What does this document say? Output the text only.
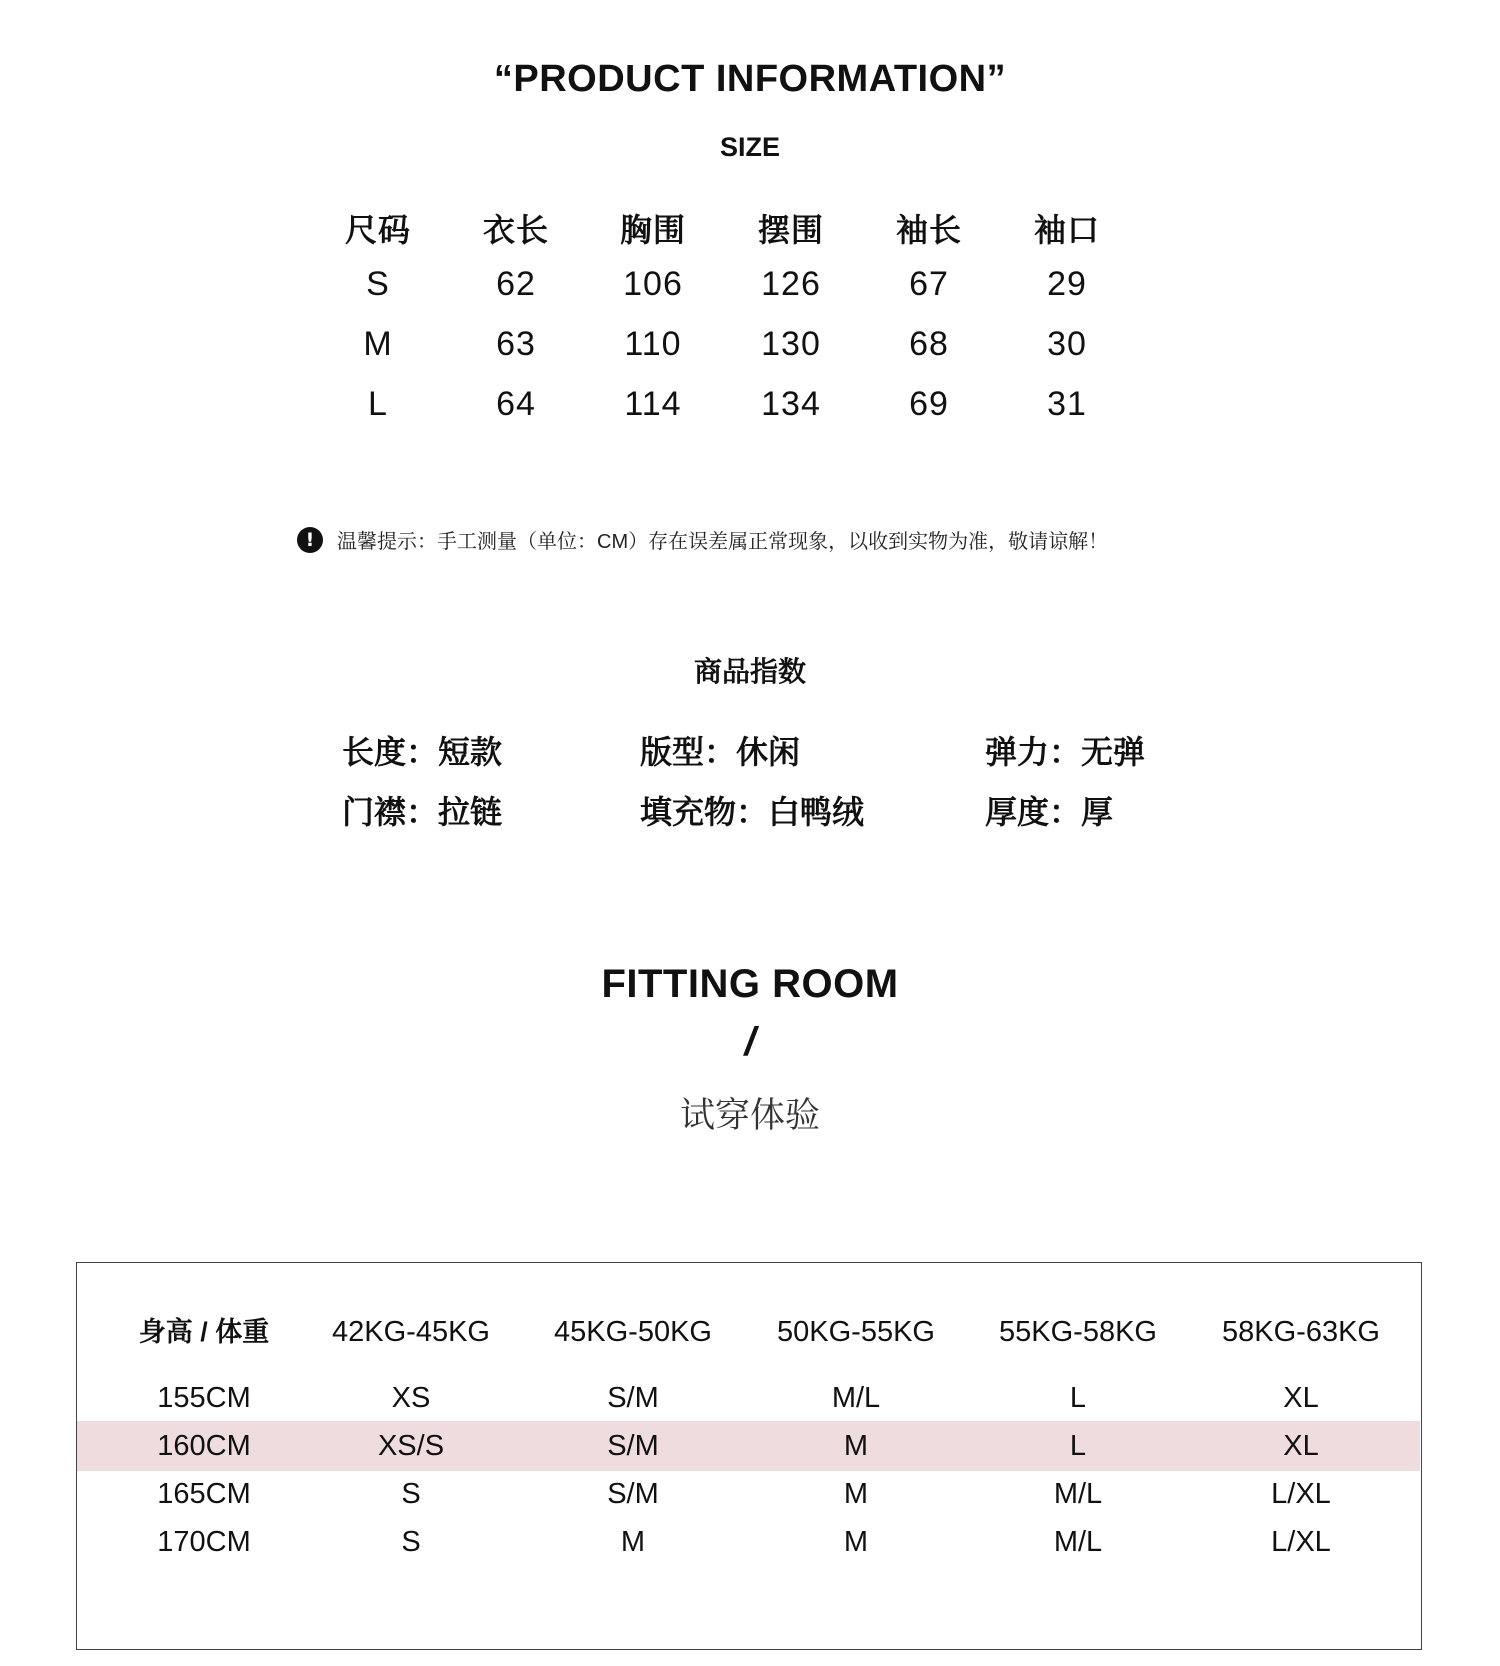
“PRODUCT INFORMATION”
SIZE
尺码	衣长	胸围	摆围	袖长	袖口
S	62	106	126	67	29
M	63	110	130	68	30
L	64	114	134	69	31
!	温馨提示：手工测量（单位：CM）存在误差属正常现象，以收到实物为准，敬请谅解！
商品指数
长度：短款	版型：休闲	弹力：无弹
门襟：拉链	填充物：白鸭绒	厚度：厚
FITTING ROOM
/
试穿体验
身高 / 体重	42KG-45KG	45KG-50KG	50KG-55KG	55KG-58KG	58KG-63KG
155CM	XS	S/M	M/L	L	XL
160CM	XS/S	S/M	M	L	XL
165CM	S	S/M	M	M/L	L/XL
170CM	S	M	M	M/L	L/XL
